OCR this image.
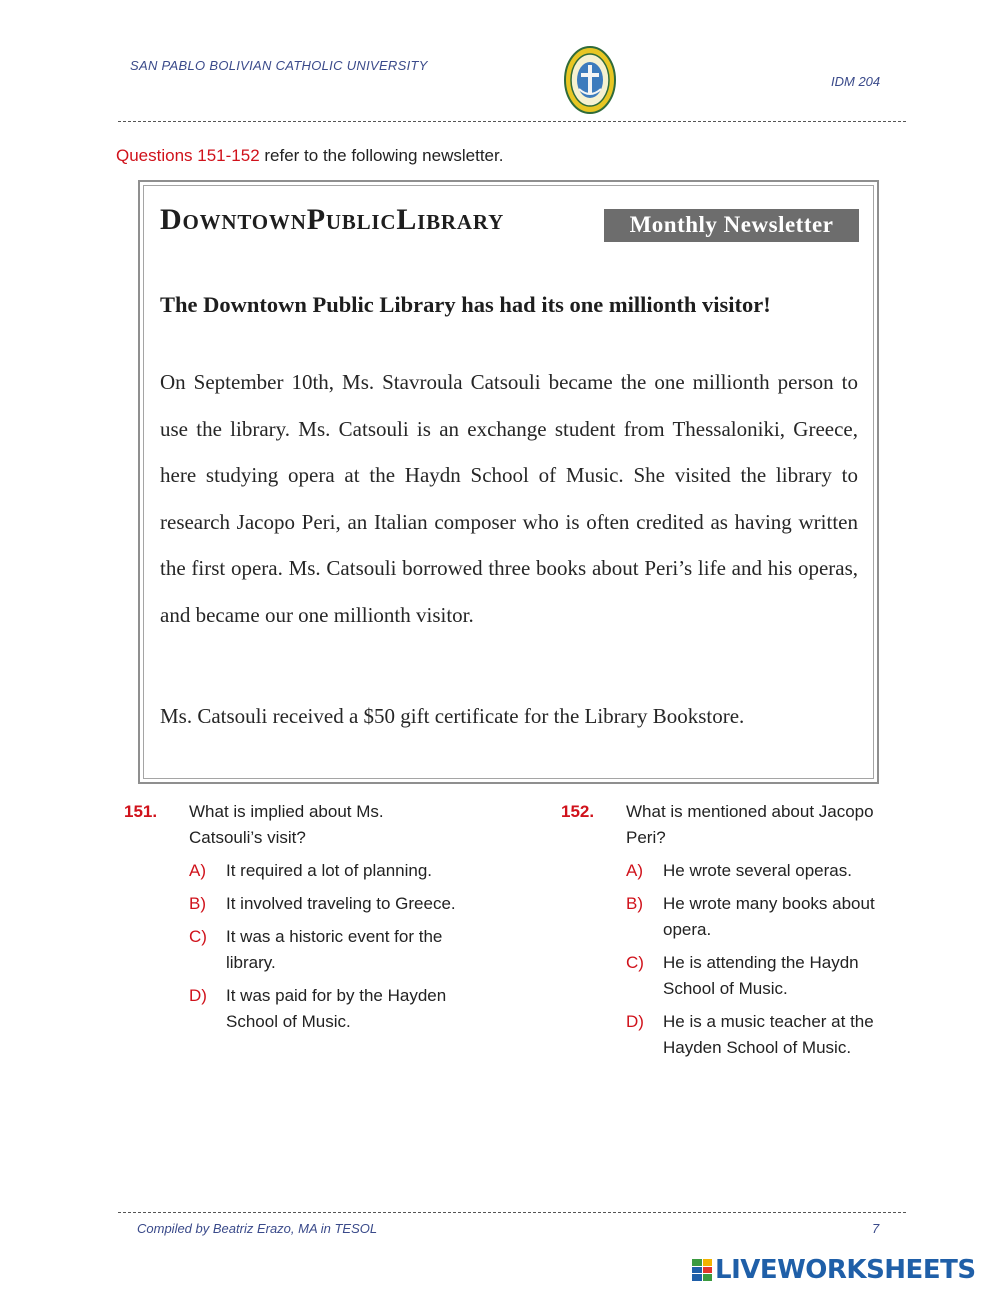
SAN PABLO BOLIVIAN CATHOLIC UNIVERSITY
IDM 204
Questions 151-152 refer to the following newsletter.
DowntownPublicLibrary	Monthly Newsletter
The Downtown Public Library has had its one millionth visitor!
On September 10th, Ms. Stavroula Catsouli became the one millionth person to use the library. Ms. Catsouli is an exchange student from Thessaloniki, Greece, here studying opera at the Haydn School of Music. She visited the library to research Jacopo Peri, an Italian composer who is often credited as having written the first opera. Ms. Catsouli borrowed three books about Peri’s life and his operas, and became our one millionth visitor.
Ms. Catsouli received a $50 gift certificate for the Library Bookstore.
151. What is implied about Ms.
Catsouli’s visit?
A) It required a lot of planning.
B) It involved traveling to Greece.
C) It was a historic event for the
library.
D) It was paid for by the Hayden
School of Music.
152. What is mentioned about Jacopo
Peri?
A) He wrote several operas.
B) He wrote many books about
opera.
C) He is attending the Haydn
School of Music.
D) He is a music teacher at the
Hayden School of Music.
Compiled by Beatriz Erazo, MA in TESOL	7
LIVEWORKSHEETS
